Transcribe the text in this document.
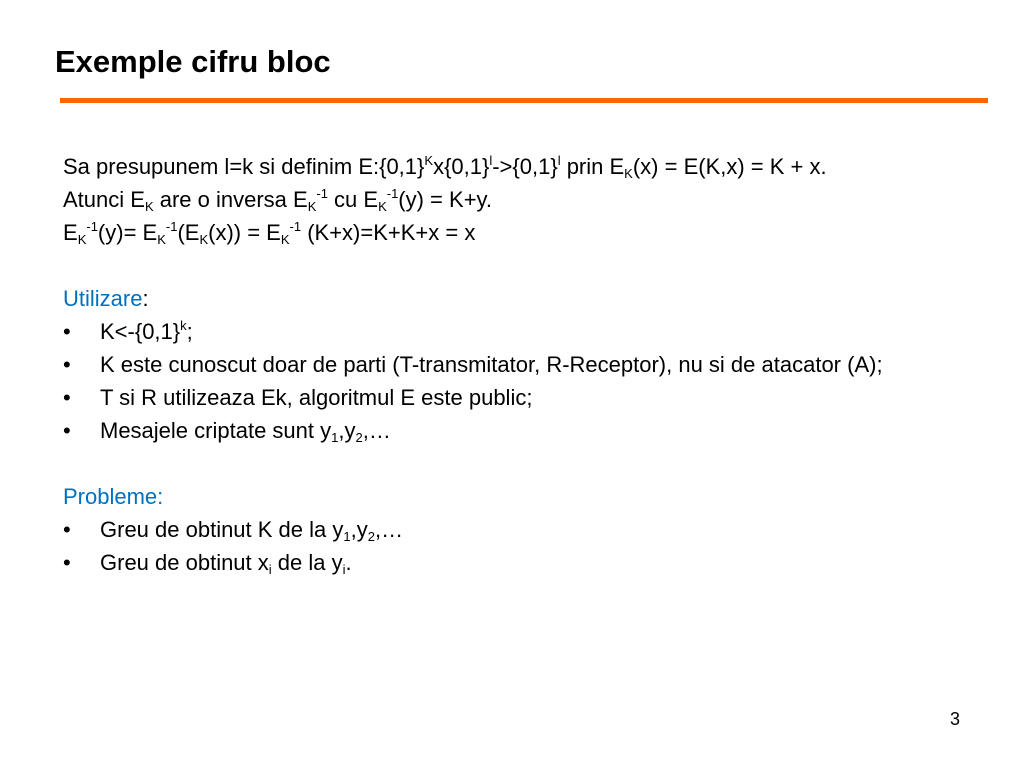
Exemple cifru bloc

Sa presupunem l=k si definim $E:\{0,1\}^Kx\{0,1\}^l->\{0,1\}^l$ prin $E_K(x) = E(K,x) = K + x$.

Atunci $E_K$ are o inversa $E_K^{-1}$ cu $E_K^{-1}(y) = K+y$.

$E_K^{-1}(y)= E_K^{-1}(E_K(x)) = E_K^{-1}$ (K+x)=K+K+x = x

Utilizare:

• $K<-\{0,1\}^k$;
• K este cunoscut doar de parti (T-transmitator, R-Receptor), nu si de atacator (A);
• T si R utilizeaza Ek, algoritmul E este public;
• Mesajele criptate sunt $y_1,y_2,\dots$

Probleme:

• Greu de obtinut K de la $y_1,y_2,\dots$
• Greu de obtinut $x_i$ de la $y_i$.
3
